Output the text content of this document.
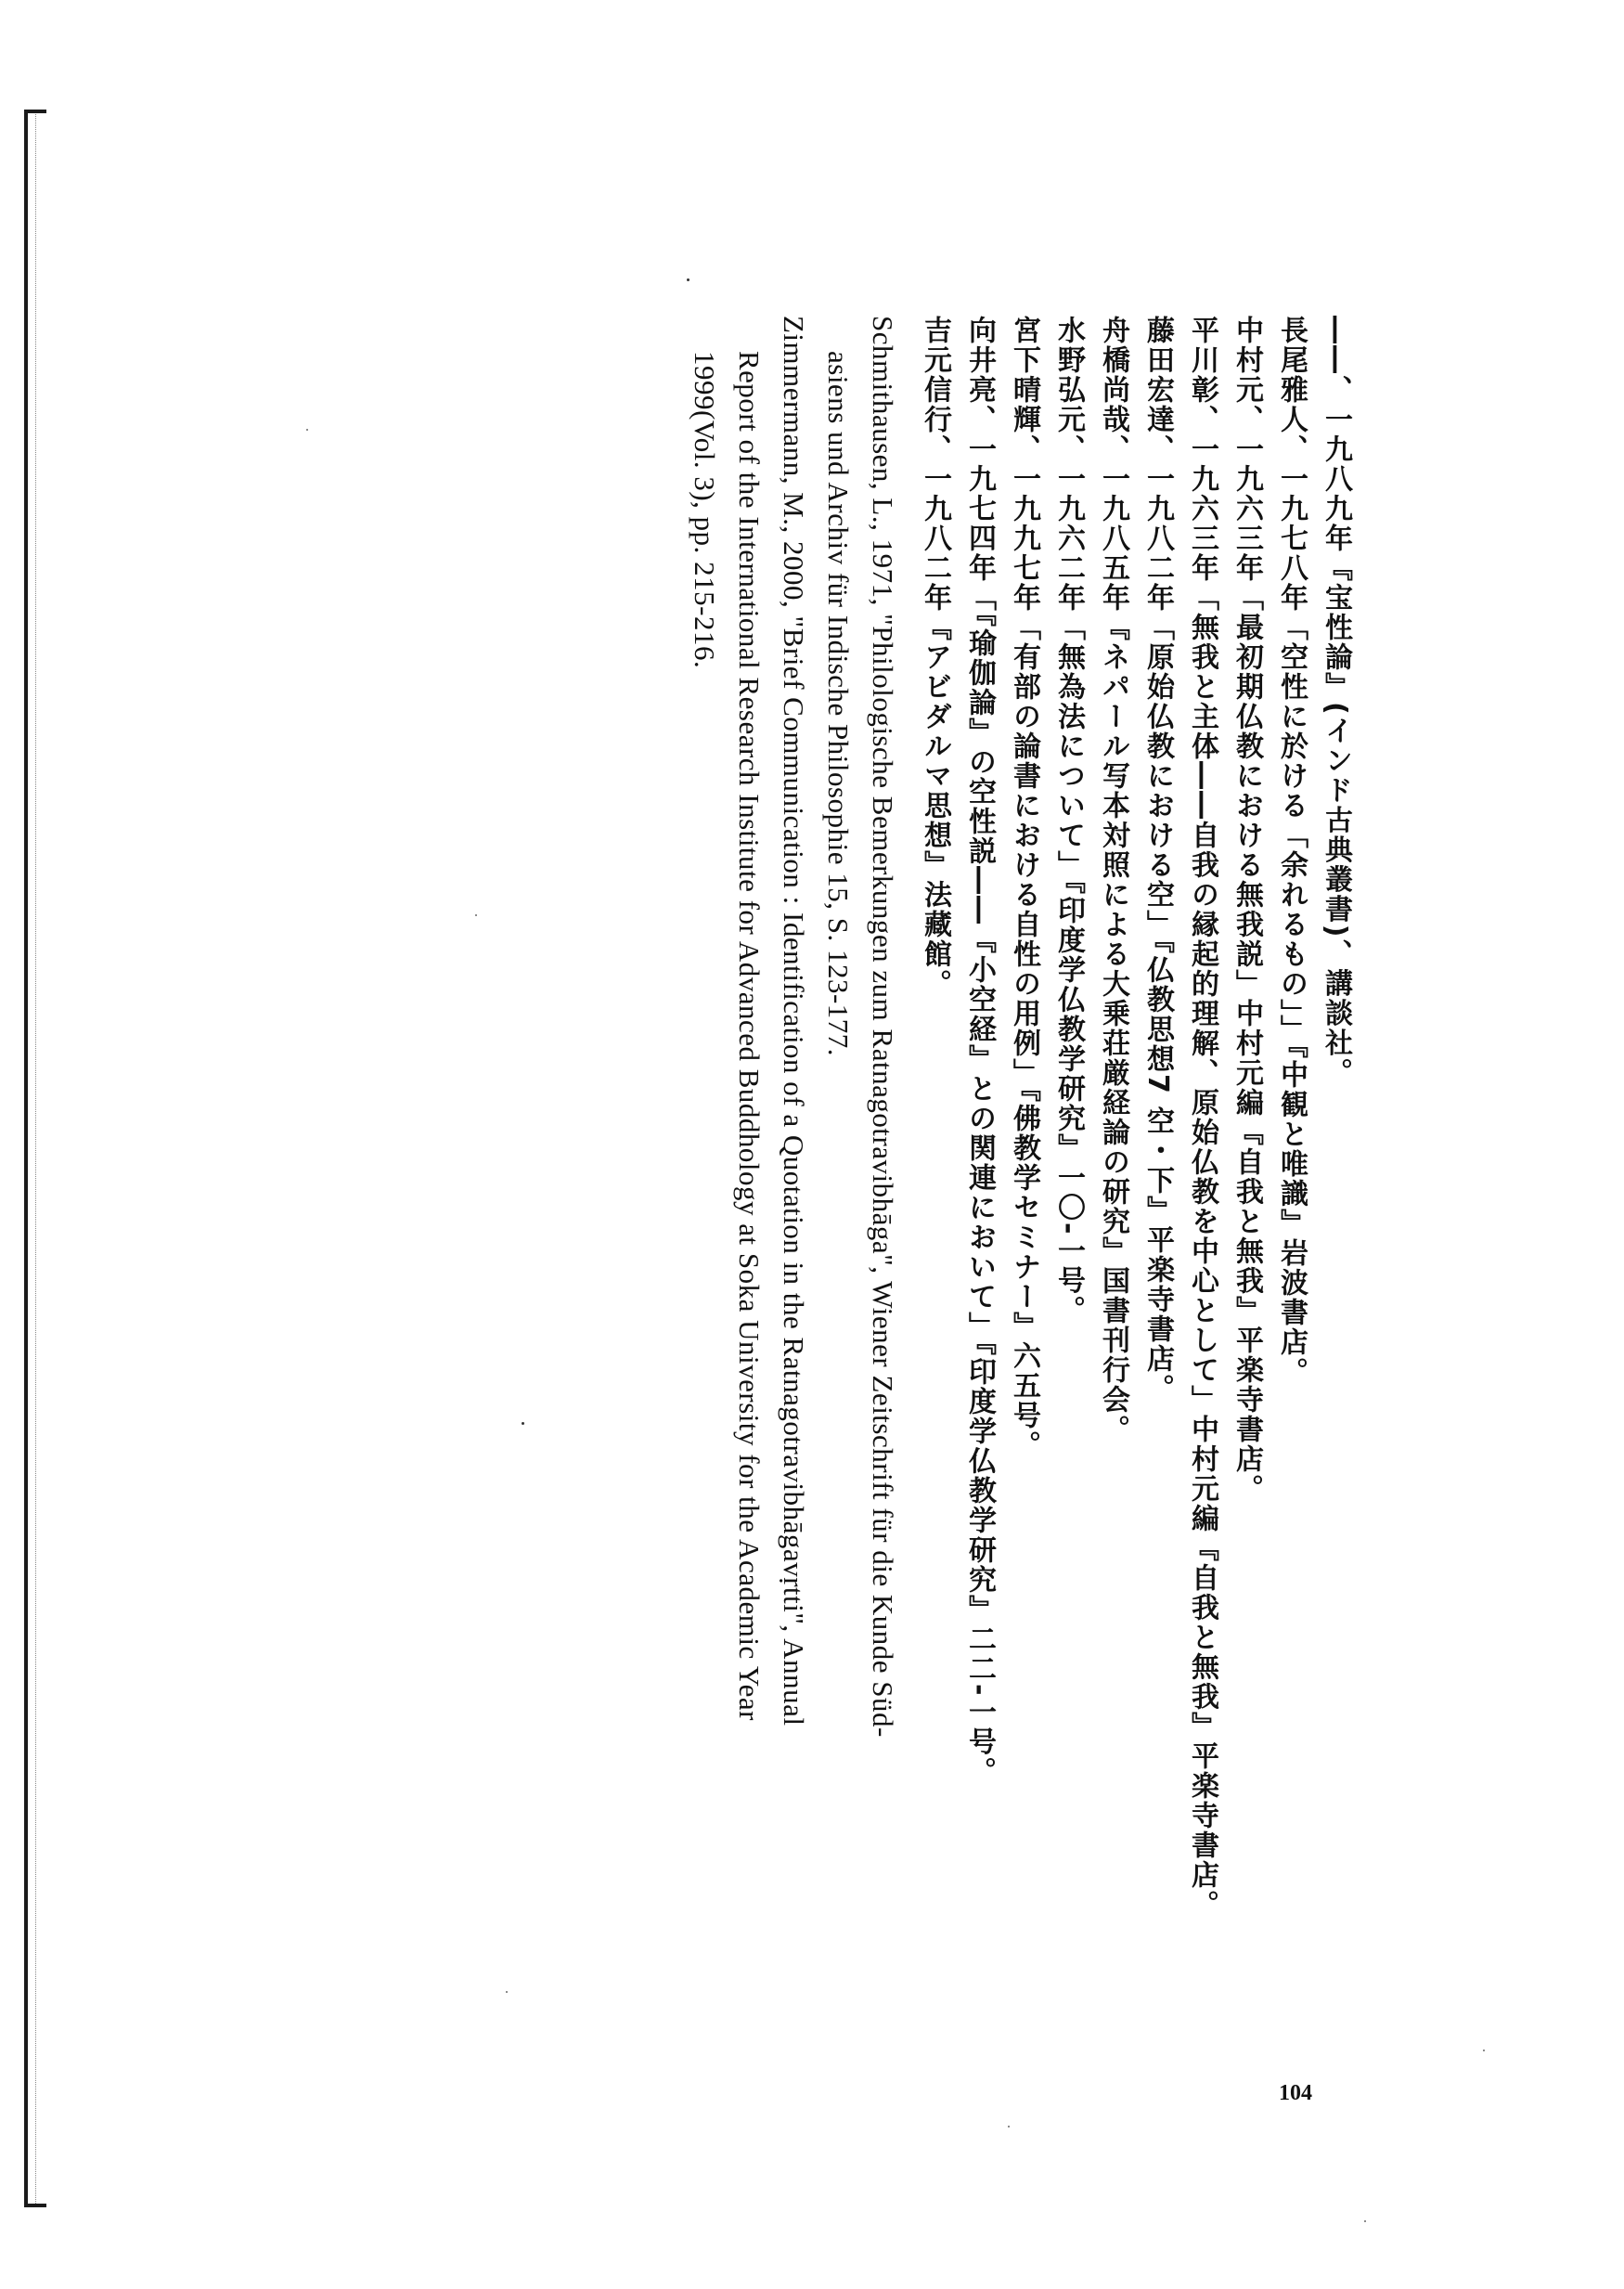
――、一九八九年『宝性論』(インド古典叢書)、講談社。
長尾雅人、一九七八年「空性に於ける「余れるもの」」『中観と唯識』岩波書店。
中村元、一九六三年「最初期仏教における無我説」中村元編『自我と無我』平楽寺書店。
平川彰、一九六三年「無我と主体――自我の縁起的理解、原始仏教を中心として」中村元編『自我と無我』平楽寺書店。
藤田宏達、一九八二年「原始仏教における空」『仏教思想7 空・下』平楽寺書店。
舟橋尚哉、一九八五年『ネパール写本対照による大乗荘厳経論の研究』国書刊行会。
水野弘元、一九六二年「無為法について」『印度学仏教学研究』一〇-一号。
宮下晴輝、一九九七年「有部の論書における自性の用例」『佛教学セミナー』六五号。
向井亮、一九七四年「『瑜伽論』の空性説――『小空経』との関連において」『印度学仏教学研究』二二-一号。
吉元信行、一九八二年『アビダルマ思想』法藏館。
Schmithausen, L., 1971, "Philologische Bemerkungen zum Ratnagotravibhāga", Wiener Zeitschrift für die Kunde Süd-
asiens und Archiv für Indische Philosophie 15, S. 123-177.
Zimmermann, M., 2000, "Brief Communication : Identification of a Quotation in the Ratnagotravibhāgavṛtti", Annual
Report of the International Research Institute for Advanced Buddhology at Soka University for the Academic Year
1999(Vol. 3), pp. 215-216.
104
